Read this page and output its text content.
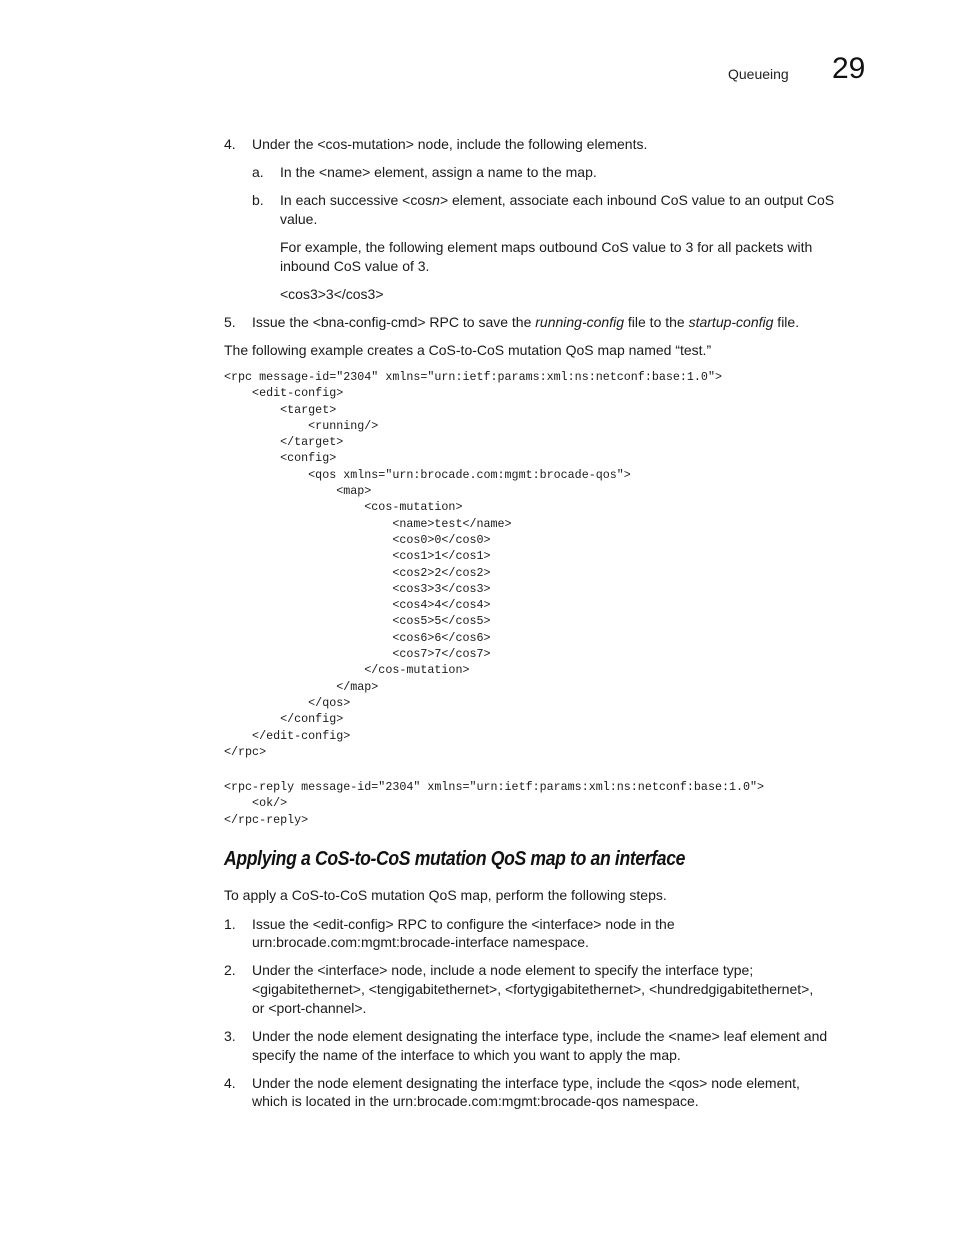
Queueing 29
4. Under the <cos-mutation> node, include the following elements.
a. In the <name> element, assign a name to the map.
b. In each successive <cosn> element, associate each inbound CoS value to an output CoS
value.
For example, the following element maps outbound CoS value to 3 for all packets with
inbound CoS value of 3.
<cos3>3</cos3>
5. Issue the <bna-config-cmd> RPC to save the running-config file to the startup-config file.
The following example creates a CoS-to-CoS mutation QoS map named “test.”
<rpc message-id="2304" xmlns="urn:ietf:params:xml:ns:netconf:base:1.0">
<edit-config>
<target>
<running/>
</target>
<config>
<qos xmlns="urn:brocade.com:mgmt:brocade-qos">
<map>
<cos-mutation>
<name>test</name>
<cos0>0</cos0>
<cos1>1</cos1>
<cos2>2</cos2>
<cos3>3</cos3>
<cos4>4</cos4>
<cos5>5</cos5>
<cos6>6</cos6>
<cos7>7</cos7>
</cos-mutation>
</map>
</qos>
</config>
</edit-config>
</rpc>
<rpc-reply message-id="2304" xmlns="urn:ietf:params:xml:ns:netconf:base:1.0">
<ok/>
</rpc-reply>
Applying a CoS-to-CoS mutation QoS map to an interface
To apply a CoS-to-CoS mutation QoS map, perform the following steps.
1. Issue the <edit-config> RPC to configure the <interface> node in the
urn:brocade.com:mgmt:brocade-interface namespace.
2. Under the <interface> node, include a node element to specify the interface type;
<gigabitethernet>, <tengigabitethernet>, <fortygigabitethernet>, <hundredgigabitethernet>,
or <port-channel>.
3. Under the node element designating the interface type, include the <name> leaf element and
specify the name of the interface to which you want to apply the map.
4. Under the node element designating the interface type, include the <qos> node element,
which is located in the urn:brocade.com:mgmt:brocade-qos namespace.
